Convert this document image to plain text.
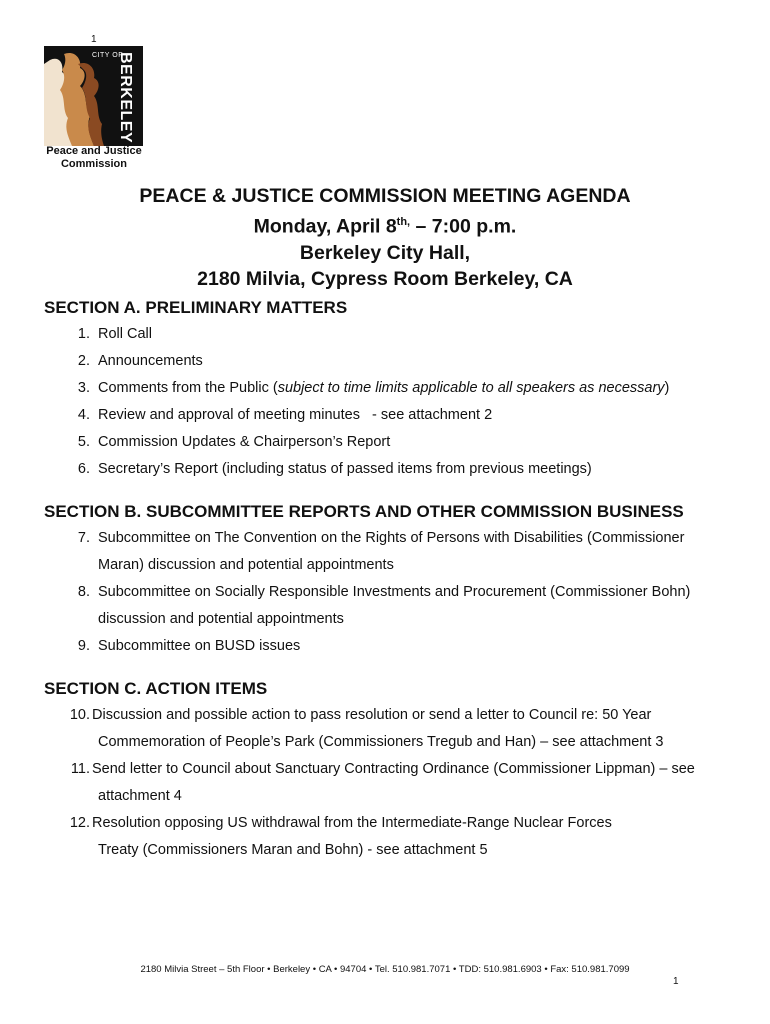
1
CITY OF
BERKELEY
Peace and Justice
Commission
PEACE & JUSTICE COMMISSION MEETING AGENDA
Monday, April $8^{th,}$ – 7:00 p.m.
Berkeley City Hall,
2180 Milvia, Cypress Room Berkeley, CA
SECTION A. PRELIMINARY MATTERS
1. Roll Call
2. Announcements
3. Comments from the Public (subject to time limits applicable to all speakers as necessary)
4. Review and approval of meeting minutes   - see attachment 2
5. Commission Updates & Chairperson’s Report
6. Secretary’s Report (including status of passed items from previous meetings)
SECTION B. SUBCOMMITTEE REPORTS AND OTHER COMMISSION BUSINESS
7. Subcommittee on The Convention on the Rights of Persons with Disabilities (Commissioner
Maran) discussion and potential appointments
8. Subcommittee on Socially Responsible Investments and Procurement (Commissioner Bohn)
discussion and potential appointments
9. Subcommittee on BUSD issues
SECTION C. ACTION ITEMS
10. Discussion and possible action to pass resolution or send a letter to Council re: 50 Year
Commemoration of People’s Park (Commissioners Tregub and Han) – see attachment 3
11. Send letter to Council about Sanctuary Contracting Ordinance (Commissioner Lippman) – see
attachment 4
12. Resolution opposing US withdrawal from the Intermediate-Range Nuclear Forces
Treaty (Commissioners Maran and Bohn) - see attachment 5
2180 Milvia Street – 5th Floor • Berkeley • CA • 94704 • Tel. 510.981.7071 • TDD: 510.981.6903 • Fax: 510.981.7099
1
